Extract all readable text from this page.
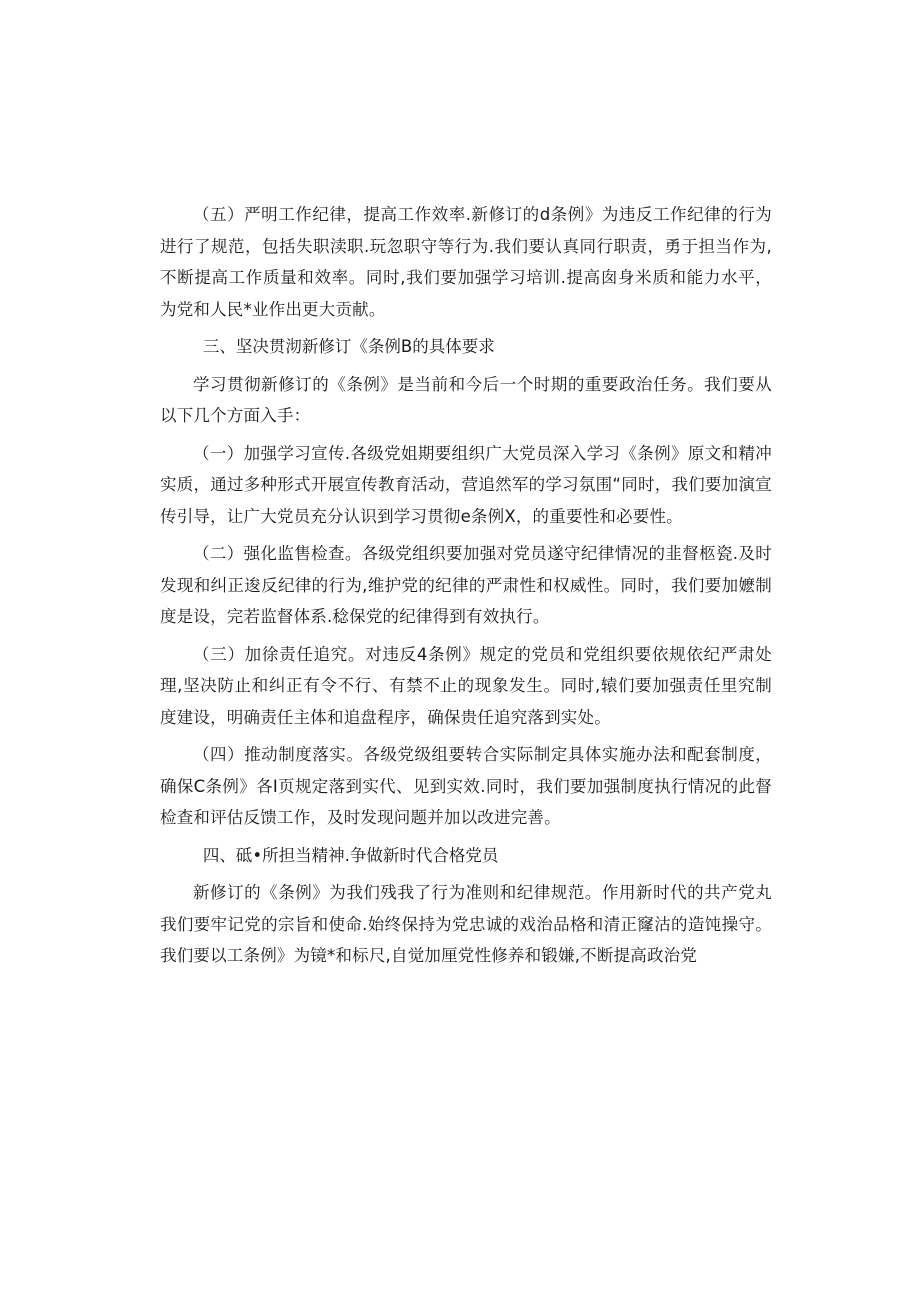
（五）严明工作纪律，提高工作效率.新修订的d条例》为违反工作纪律的行为进行了规范，包括失职渎职.玩忽职守等行为.我们要认真同行职责，勇于担当作为,不断提高工作质量和效率。同时,我们要加强学习培训.提高囱身米质和能力水平，为党和人民*业作出更大贡献。

三、坚决贯沏新修订《条例B的具体要求

学习贯彻新修订的《条例》是当前和今后一个时期的重要政治任务。我们要从以下几个方面入手：

（一）加强学习宣传.各级党姐期要组织广大党员深入学习《条例》原文和精冲实质，通过多种形式开展宣传教育活动，营追然军的学习氛围“同时，我们要加演宣传引导，让广大党员充分认识到学习贯彻e条例X，的重要性和必要性。

（二）强化监售检查。各级党组织要加强对党员遂守纪律情况的韭督柩瓷.及时发现和纠正逡反纪律的行为,维护党的纪律的严肃性和权威性。同时，我们要加嬷制度是设，完若监督体系.稔保党的纪律得到有效执行。

（三）加徐责任追究。对违反4条例》规定的党员和党组织要依规依纪严肃处理,坚决防止和纠正有令不行、有禁不止的现象发生。同时,辕们要加强责任里究制度建设，明确责任主体和追盘程序，确保贵任追究落到实处。

（四）推动制度落实。各级党级组要转合实际制定具体实施办法和配套制度，确保C条例》各I页规定落到实代、见到实效.同时，我们要加强制度执行情况的此督检查和评估反馈工作，及时发现问题并加以改进完善。

四、砥•所担当精神.争做新时代合格党员

新修订的《条例》为我们残我了行为准则和纪律规范。作用新时代的共产党丸我们要牢记党的宗旨和使命.始终保持为党忠诚的戏治品格和清正窿沽的造饨操守。我们要以工条例》为镜*和标尺,自觉加厘党性修养和锻嫌,不断提高政治党
